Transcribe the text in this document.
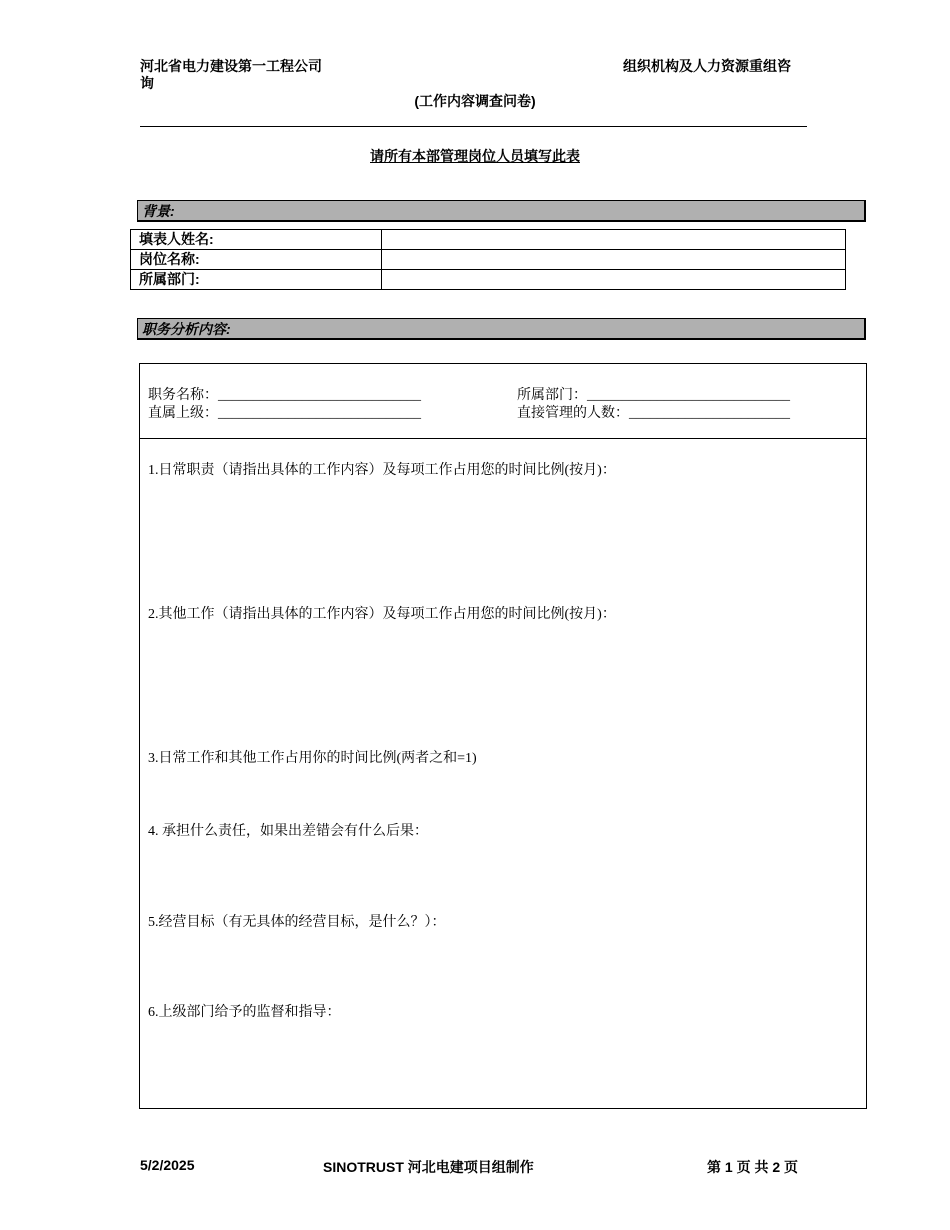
河北省电力建设第一工程公司
询
组织机构及人力资源重组咨
(工作内容调查问卷)
请所有本部管理岗位人员填写此表
背景:
填表人姓名:	
岗位名称:	
所属部门:	
职务分析内容:
职务名称：_____________________________	所属部门：_____________________________
直属上级：_____________________________	直接管理的人数：_______________________
1.日常职责（请指出具体的工作内容）及每项工作占用您的时间比例(按月)：
2.其他工作（请指出具体的工作内容）及每项工作占用您的时间比例(按月)：
3.日常工作和其他工作占用你的时间比例(两者之和=1)
4. 承担什么责任，如果出差错会有什么后果：
5.经营目标（有无具体的经营目标，是什么？）：
6.上级部门给予的监督和指导：
5/2/2025	SINOTRUST 河北电建项目组制作	第 1 页 共 2 页
